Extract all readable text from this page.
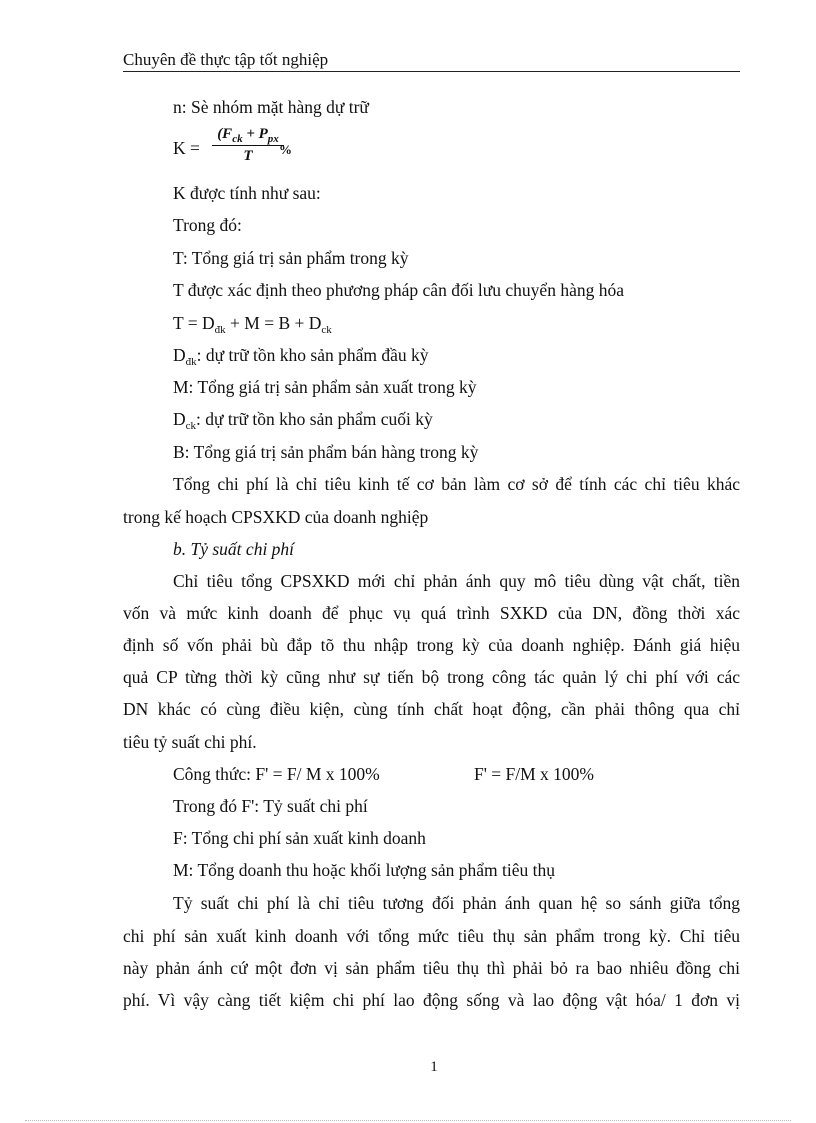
Chuyên đề thực tập tốt nghiệp
n: Sè nhóm mặt hàng dự trữ
K =
($F_{ck} + P_{px}$
T	%
K được tính như sau:
Trong đó:
T: Tổng giá trị sản phẩm trong kỳ
T được xác định theo phương pháp cân đối lưu chuyển hàng hóa
$T = D_{đk} + M = B + D_{ck}$
$D_{đk}$: dự trữ tồn kho sản phẩm đầu kỳ
M: Tổng giá trị sản phẩm sản xuất trong kỳ
$D_{ck}$: dự trữ tồn kho sản phẩm cuối kỳ
B: Tổng giá trị sản phẩm bán hàng trong kỳ
Tổng chi phí là chỉ tiêu kinh tế cơ bản làm cơ sở để tính các chỉ tiêu khác
trong kế hoạch CPSXKD của doanh nghiệp
b. Tỷ suất chi phí
Chỉ tiêu tổng CPSXKD mới chỉ phản ánh quy mô tiêu dùng vật chất, tiền
vốn và mức kinh doanh để phục vụ quá trình SXKD của DN, đồng thời xác
định số vốn phải bù đắp tõ thu nhập trong kỳ của doanh nghiệp. Đánh giá hiệu
quả CP từng thời kỳ cũng như sự tiến bộ trong công tác quản lý chi phí với các
DN khác có cùng điều kiện, cùng tính chất hoạt động, cần phải thông qua chỉ
tiêu tỷ suất chi phí.
Công thức: F' = F/ M x 100%	F' = F/M x 100%
Trong đó F': Tỷ suất chi phí
F: Tổng chi phí sản xuất kinh doanh
M: Tổng doanh thu hoặc khối lượng sản phẩm tiêu thụ
Tỷ suất chi phí là chỉ tiêu tương đối phản ánh quan hệ so sánh giữa tổng
chi phí sản xuất kinh doanh với tổng mức tiêu thụ sản phẩm trong kỳ. Chỉ tiêu
này phản ánh cứ một đơn vị sản phẩm tiêu thụ thì phải bỏ ra bao nhiêu đồng chi
phí. Vì vậy càng tiết kiệm chi phí lao động sống và lao động vật hóa/ 1 đơn vị
1
